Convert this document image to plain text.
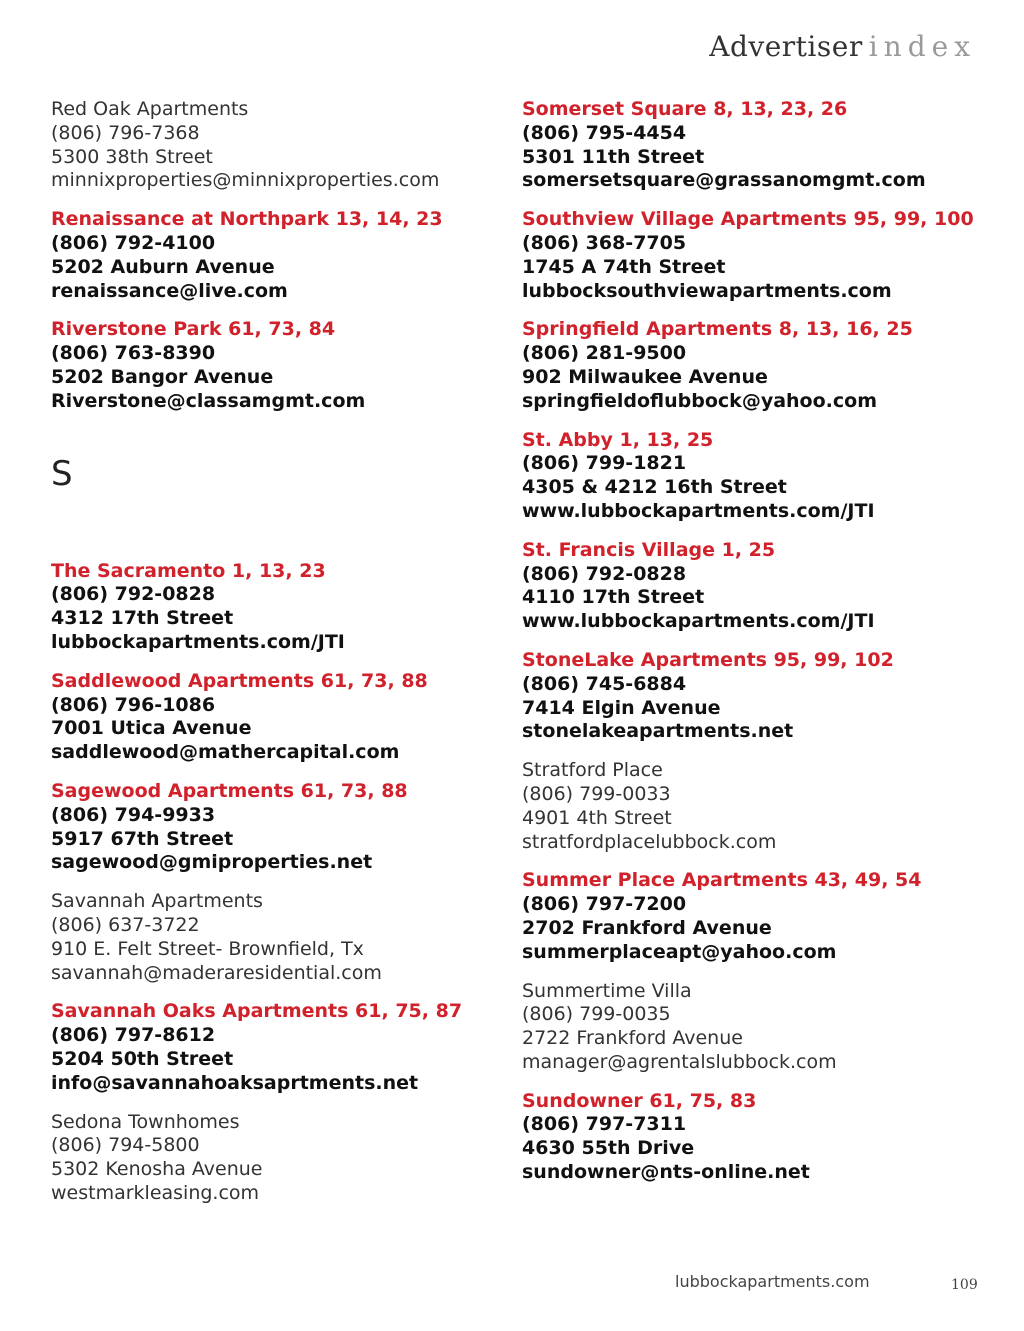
Advertiser index
Red Oak Apartments
(806) 796-7368
5300 38th Street
minnixproperties@minnixproperties.com
Renaissance at Northpark 13, 14, 23
(806) 792-4100
5202 Auburn Avenue
renaissance@live.com
Riverstone Park 61, 73, 84
(806) 763-8390
5202 Bangor Avenue
Riverstone@classamgmt.com
S
The Sacramento 1, 13, 23
(806) 792-0828
4312 17th Street
lubbockapartments.com/JTI
Saddlewood Apartments 61, 73, 88
(806) 796-1086
7001 Utica Avenue
saddlewood@mathercapital.com
Sagewood Apartments 61, 73, 88
(806) 794-9933
5917 67th Street
sagewood@gmiproperties.net
Savannah Apartments
(806) 637-3722
910 E. Felt Street- Brownfield, Tx
savannah@maderaresidential.com
Savannah Oaks Apartments 61, 75, 87
(806) 797-8612
5204 50th Street
info@savannahoaksaprtments.net
Sedona Townhomes
(806) 794-5800
5302 Kenosha Avenue
westmarkleasing.com
Somerset Square 8, 13, 23, 26
(806) 795-4454
5301 11th Street
somersetsquare@grassanomgmt.com
Southview Village Apartments 95, 99, 100
(806) 368-7705
1745 A 74th Street
lubbocksouthviewapartments.com
Springfield Apartments 8, 13, 16, 25
(806) 281-9500
902 Milwaukee Avenue
springfieldoflubbock@yahoo.com
St. Abby 1, 13, 25
(806) 799-1821
4305 & 4212 16th Street
www.lubbockapartments.com/JTI
St. Francis Village 1, 25
(806) 792-0828
4110 17th Street
www.lubbockapartments.com/JTI
StoneLake Apartments 95, 99, 102
(806) 745-6884
7414 Elgin Avenue
stonelakeapartments.net
Stratford Place
(806) 799-0033
4901 4th Street
stratfordplacelubbock.com
Summer Place Apartments 43, 49, 54
(806) 797-7200
2702 Frankford Avenue
summerplaceapt@yahoo.com
Summertime Villa
(806) 799-0035
2722 Frankford Avenue
manager@agrentalslubbock.com
Sundowner 61, 75, 83
(806) 797-7311
4630 55th Drive
sundowner@nts-online.net
lubbockapartments.com	109
